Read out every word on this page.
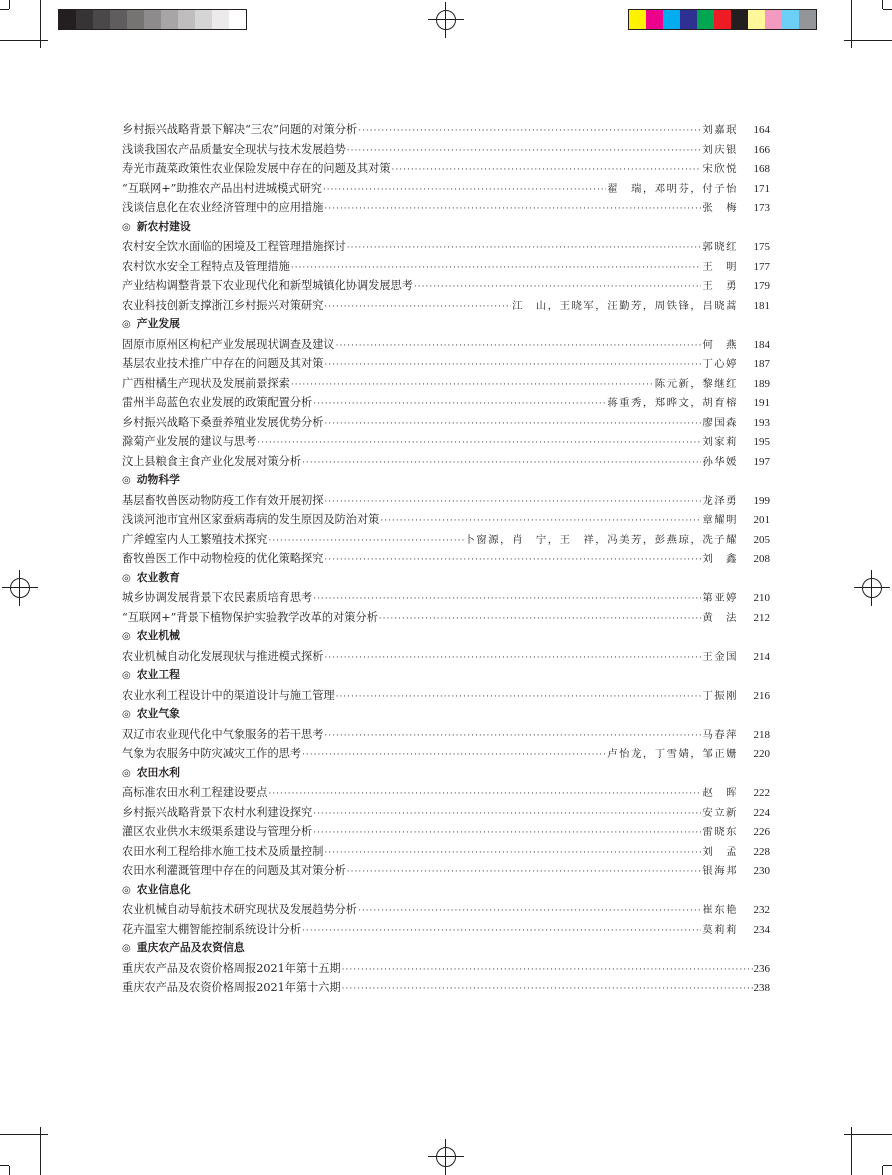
乡村振兴战略背景下解决“三农”问题的对策分析 ·····	刘嘉珉	164
浅谈我国农产品质量安全现状与技术发展趋势 ·····	刘庆银	166
寿光市蔬菜政策性农业保险发展中存在的问题及其对策 ·····	宋欣悦	168
“互联网+”助推农产品出村进城模式研究 ·····	翟　瑞，邓明芬，付子怡	171
浅谈信息化在农业经济管理中的应用措施 ·····	张　梅	173
◎ 新农村建设
农村安全饮水面临的困境及工程管理措施探讨 ·····	郭晓红	175
农村饮水安全工程特点及管理措施 ·····	王　明	177
产业结构调整背景下农业现代化和新型城镇化协调发展思考 ·····	王　勇	179
农业科技创新支撑浙江乡村振兴对策研究 ·····	江　山，王晓军，汪勤芳，周铁锋，吕晓蒿	181
◎ 产业发展
固原市原州区枸杞产业发展现状调查及建议 ·····	何　燕	184
基层农业技术推广中存在的问题及其对策 ·····	丁心婷	187
广西柑橘生产现状及发展前景探索 ·····	陈元新，黎继红	189
雷州半岛蓝色农业发展的政策配置分析 ·····	蒋重秀，郑晔文，胡育榕	191
乡村振兴战略下桑蚕养殖业发展优势分析 ·····	廖国森	193
滁菊产业发展的建议与思考 ·····	刘家莉	195
汶上县粮食主食产业化发展对策分析 ·····	孙华媛	197
◎ 动物科学
基层畜牧兽医动物防疫工作有效开展初探 ·····	龙泽勇	199
浅谈河池市宜州区家蚕病毒病的发生原因及防治对策 ·····	章耀明	201
广斧螳室内人工繁殖技术探究 ·····	卜窗源，肖　宁，王　祥，冯美芳，彭燕琼，冼子耀	205
畜牧兽医工作中动物检疫的优化策略探究 ·····	刘　鑫	208
◎ 农业教育
城乡协调发展背景下农民素质培育思考 ·····	第亚婷	210
“互联网+”背景下植物保护实验教学改革的对策分析 ·····	黄　法	212
◎ 农业机械
农业机械自动化发展现状与推进模式探析 ·····	王金国	214
◎ 农业工程
农业水利工程设计中的渠道设计与施工管理 ·····	丁振刚	216
◎ 农业气象
双辽市农业现代化中气象服务的若干思考 ·····	马春萍	218
气象为农服务中防灾减灾工作的思考 ·····	卢怡龙，丁雪婧，邹正姗	220
◎ 农田水利
高标准农田水利工程建设要点 ·····	赵　晖	222
乡村振兴战略背景下农村水利建设探究 ·····	安立新	224
灌区农业供水末级渠系建设与管理分析 ·····	雷晓东	226
农田水利工程给排水施工技术及质量控制 ·····	刘　孟	228
农田水利灌溉管理中存在的问题及其对策分析 ·····	银海邦	230
◎ 农业信息化
农业机械自动导航技术研究现状及发展趋势分析 ·····	崔东艳	232
花卉温室大棚智能控制系统设计分析 ·····	莫莉莉	234
◎ 重庆农产品及农资信息
重庆农产品及农资价格周报2021年第十五期 ·····	236
重庆农产品及农资价格周报2021年第十六期 ·····	238
